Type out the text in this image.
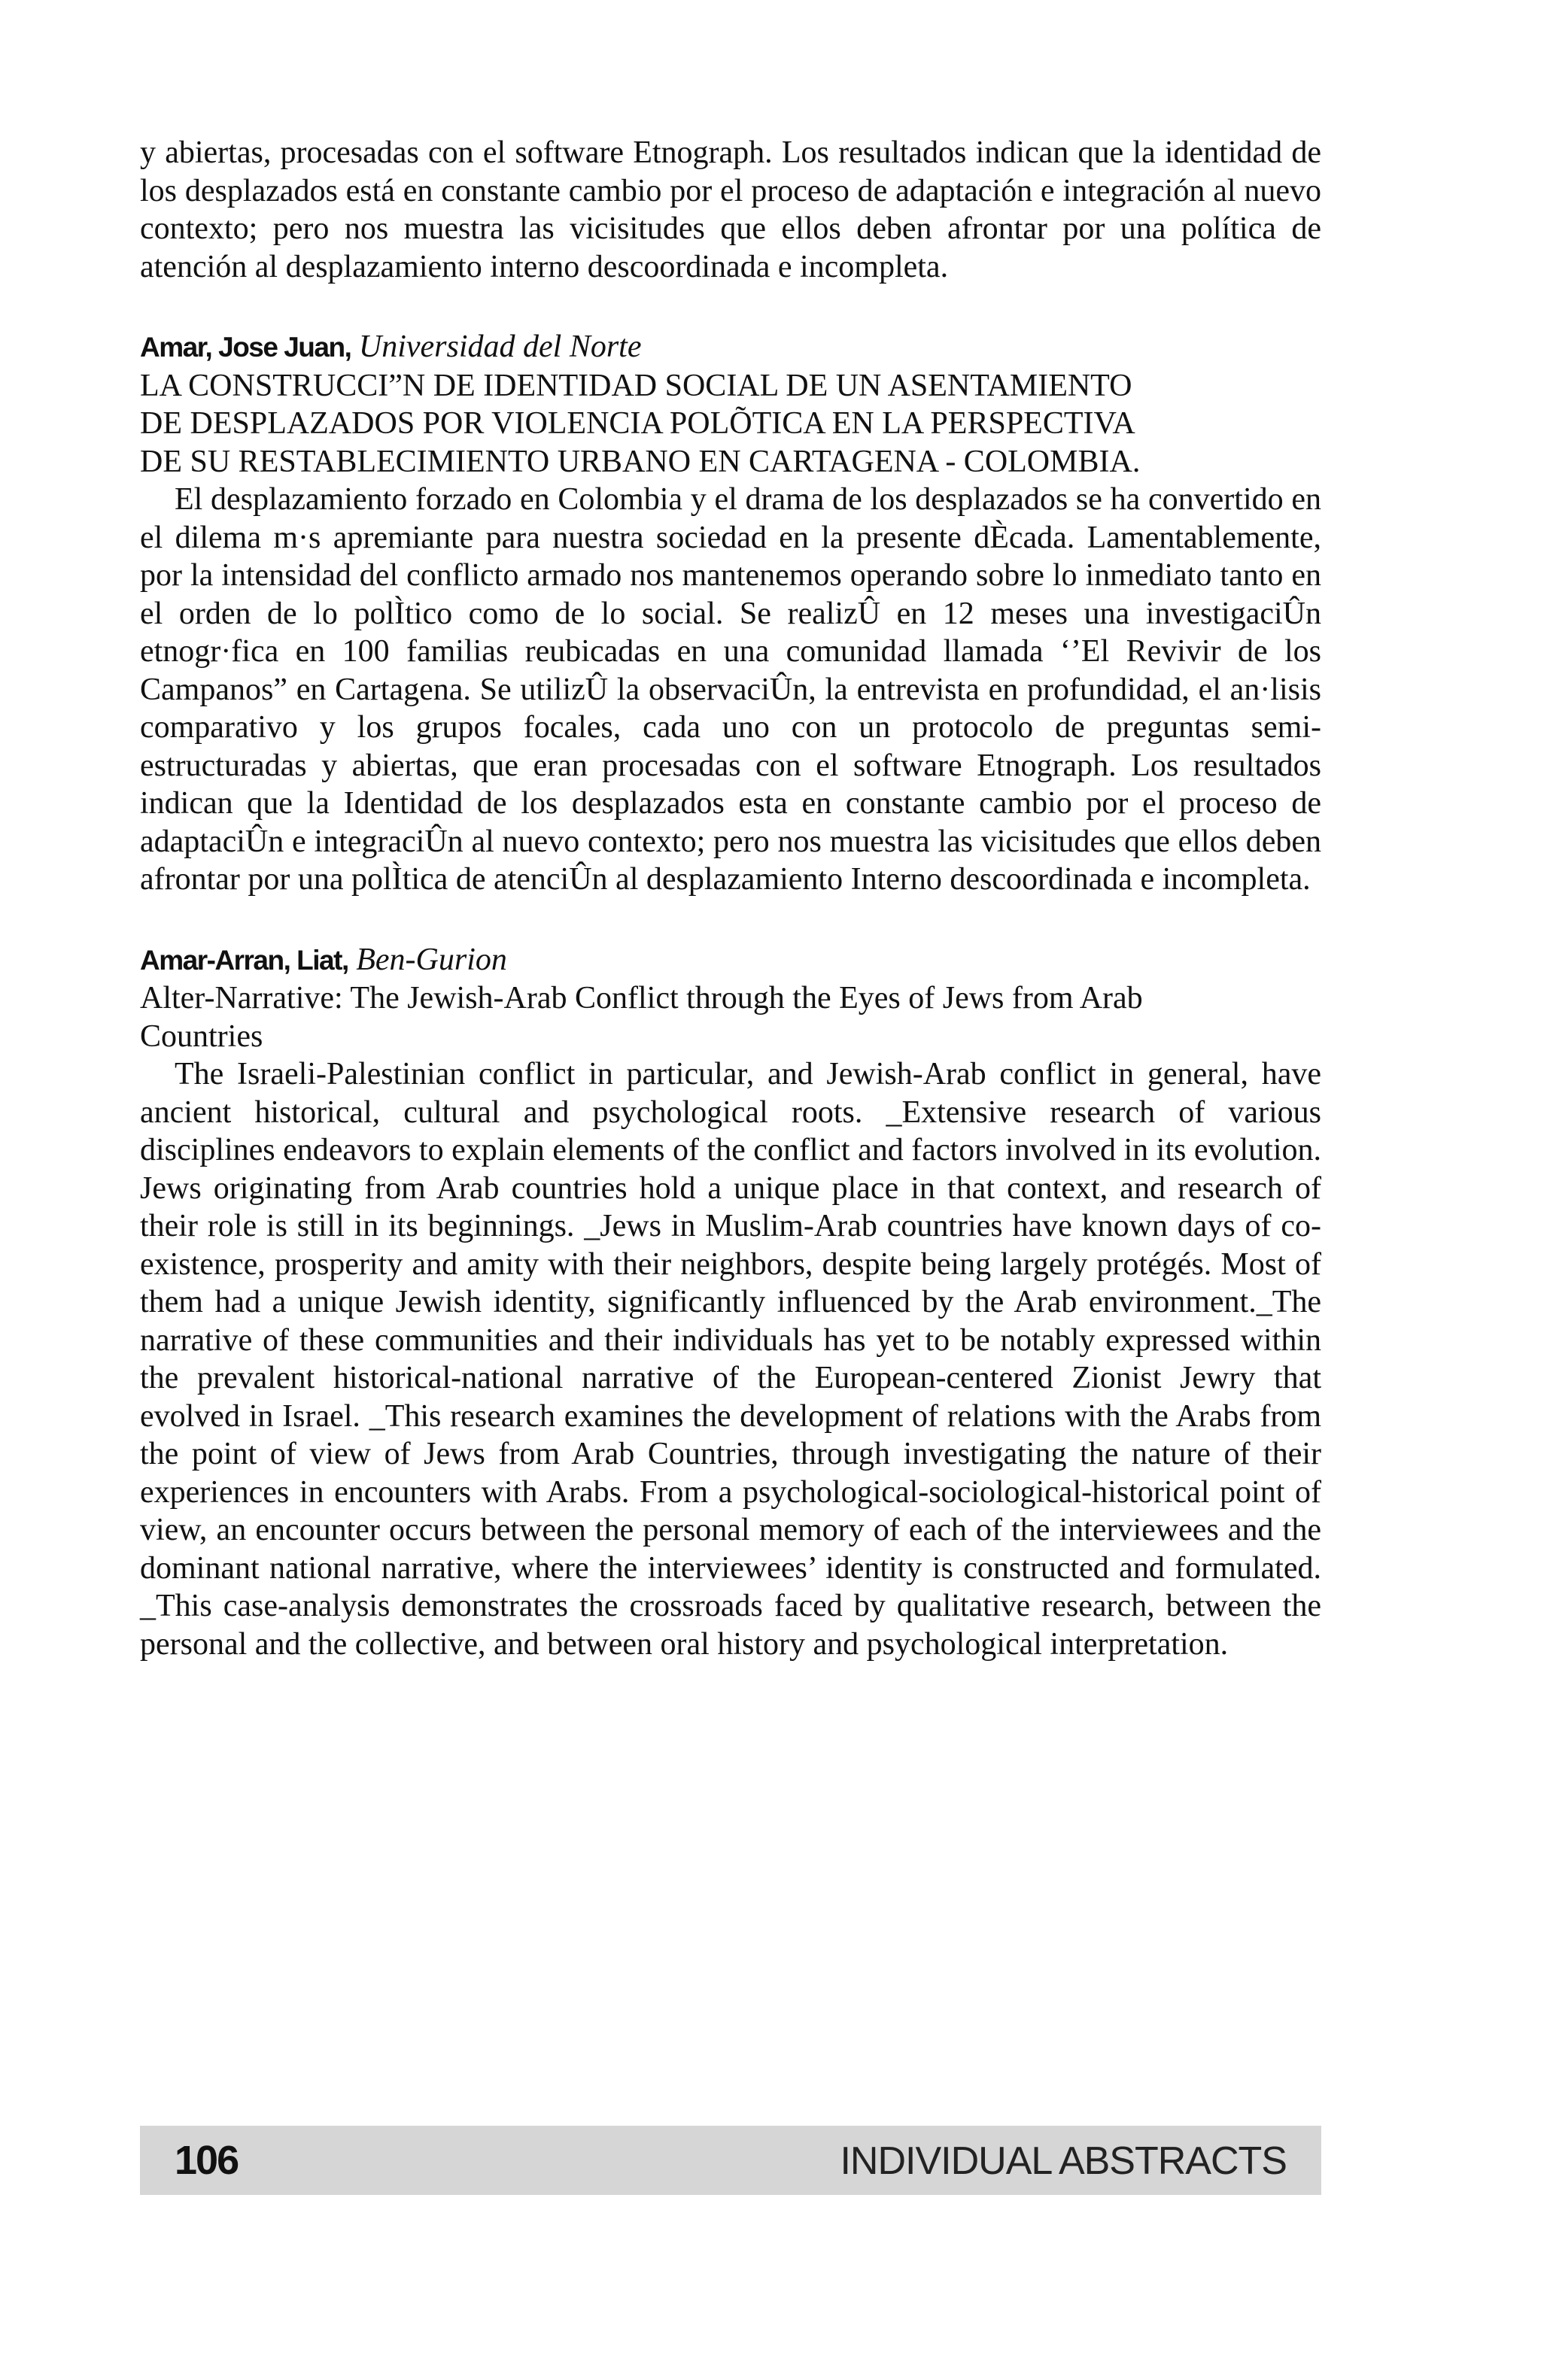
y abiertas, procesadas con el software Etnograph. Los resultados indican que la identidad de los desplazados está en constante cambio por el proceso de adaptación e integración al nuevo contexto; pero nos muestra las vicisitudes que ellos deben afrontar por una política de atención al desplazamiento interno descoordinada e incompleta.

Amar, Jose Juan, Universidad del Norte

LA CONSTRUCCI”N DE IDENTIDAD SOCIAL DE UN ASENTAMIENTO

DE DESPLAZADOS POR VIOLENCIA POLÕTICA EN LA PERSPECTIVA

DE SU RESTABLECIMIENTO URBANO EN CARTAGENA - COLOMBIA.

El desplazamiento forzado en Colombia y el drama de los desplazados se ha convertido en el dilema m·s apremiante para nuestra sociedad en la presente dÈcada. Lamentablemente, por la intensidad del conflicto armado nos mantenemos operando sobre lo inmediato tanto en el orden de lo polÌtico como de lo social. Se realizÛ en 12 meses una investigaciÛn etnogr·fica en 100 familias reubicadas en una comunidad llamada ‘’El Revivir de los Campanos” en Cartagena. Se utilizÛ la observaciÛn, la entrevista en profundidad, el an·lisis comparativo y los grupos focales, cada uno con un protocolo de preguntas semi-estructuradas y abiertas, que eran procesadas con el software Etnograph. Los resultados indican que la Identidad de los desplazados esta en constante cambio por el proceso de adaptaciÛn e integraciÛn al nuevo contexto; pero nos muestra las vicisitudes que ellos deben afrontar por una polÌtica de atenciÛn al desplazamiento Interno descoordinada e incompleta.

Amar-Arran, Liat, Ben-Gurion

Alter-Narrative: The Jewish-Arab Conflict through the Eyes of Jews from Arab

Countries

The Israeli-Palestinian conflict in particular, and Jewish-Arab conflict in general, have ancient historical, cultural and psychological roots. _Extensive research of various disciplines endeavors to explain elements of the conflict and factors involved in its evolution. Jews originating from Arab countries hold a unique place in that context, and research of their role is still in its beginnings. _Jews in Muslim-Arab countries have known days of co-existence, prosperity and amity with their neighbors, despite being largely protégés. Most of them had a unique Jewish identity, significantly influenced by the Arab environment._The narrative of these communities and their individuals has yet to be notably expressed within the prevalent historical-national narrative of the European-centered Zionist Jewry that evolved in Israel. _This research examines the development of relations with the Arabs from the point of view of Jews from Arab Countries, through investigating the nature of their experiences in encounters with Arabs. From a psychological-sociological-historical point of view, an encounter occurs between the personal memory of each of the interviewees and the dominant national narrative, where the interviewees’ identity is constructed and formulated. _This case-analysis demonstrates the crossroads faced by qualitative research, between the personal and the collective, and between oral history and psychological interpretation.

106	INDIVIDUAL ABSTRACTS
